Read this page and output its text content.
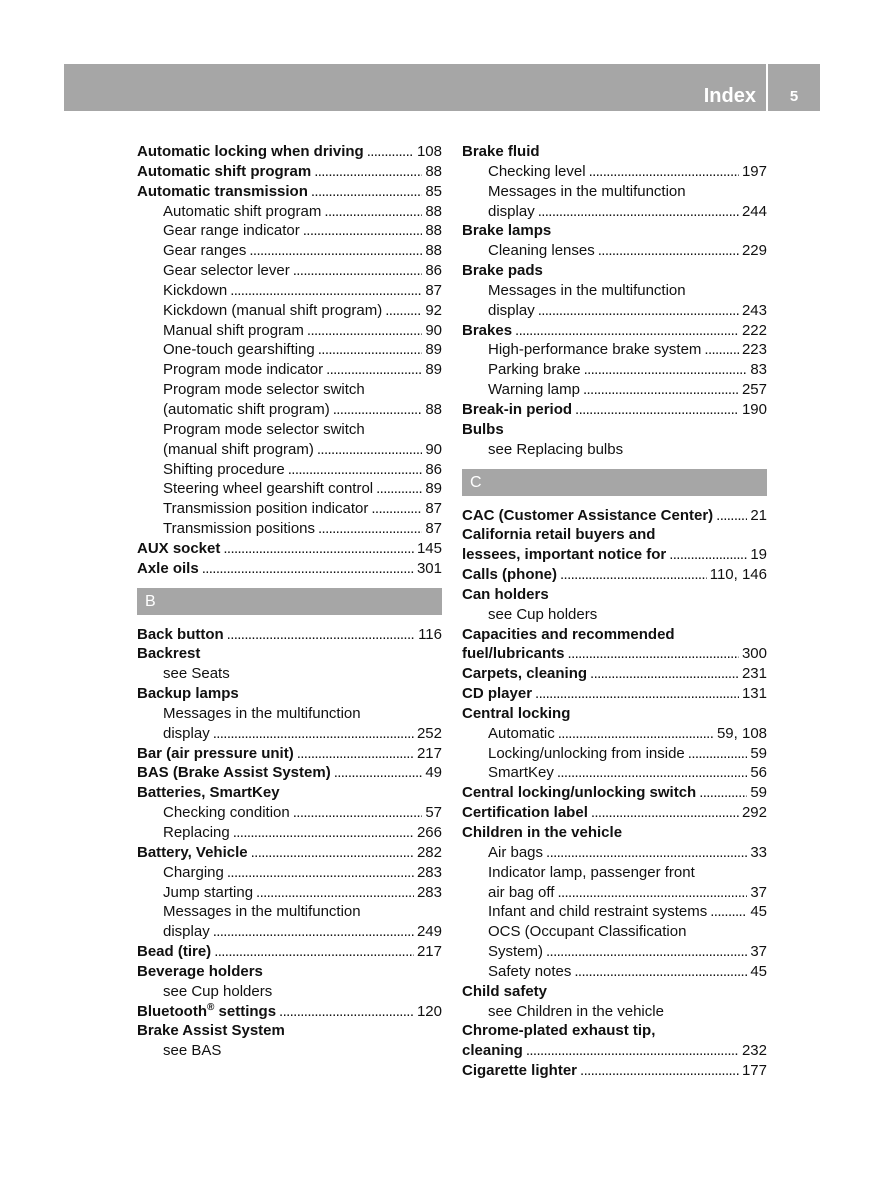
Index	5
Automatic locking when driving . . .	108
Automatic shift program . . .	88
Automatic transmission . . .	85
Automatic shift program . . .	88
Gear range indicator . . .	88
Gear ranges . . .	88
Gear selector lever . . .	86
Kickdown . . .	87
Kickdown (manual shift program) . . .	92
Manual shift program . . .	90
One-touch gearshifting . . .	89
Program mode indicator . . .	89
Program mode selector switch
(automatic shift program) . . .	88
Program mode selector switch
(manual shift program) . . .	90
Shifting procedure . . .	86
Steering wheel gearshift control . . .	89
Transmission position indicator . . .	87
Transmission positions . . .	87
AUX socket . . .	145
Axle oils . . .	301
B
Back button . . .	116
Backrest
see Seats
Backup lamps
Messages in the multifunction
display . . .	252
Bar (air pressure unit) . . .	217
BAS (Brake Assist System) . . .	49
Batteries, SmartKey
Checking condition . . .	57
Replacing . . .	266
Battery, Vehicle . . .	282
Charging . . .	283
Jump starting . . .	283
Messages in the multifunction
display . . .	249
Bead (tire) . . .	217
Beverage holders
see Cup holders
Bluetooth® settings . . .	120
Brake Assist System
see BAS
Brake fluid
Checking level . . .	197
Messages in the multifunction
display . . .	244
Brake lamps
Cleaning lenses . . .	229
Brake pads
Messages in the multifunction
display . . .	243
Brakes . . .	222
High-performance brake system . . .	223
Parking brake . . .	83
Warning lamp . . .	257
Break-in period . . .	190
Bulbs
see Replacing bulbs
C
CAC (Customer Assistance Center) . . . 21
California retail buyers and
lessees, important notice for . . .	19
Calls (phone) . . .	110, 146
Can holders
see Cup holders
Capacities and recommended
fuel/lubricants . . .	300
Carpets, cleaning . . .	231
CD player . . .	131
Central locking
Automatic . . .	59, 108
Locking/unlocking from inside . . .	59
SmartKey . . .	56
Central locking/unlocking switch . . .	59
Certification label . . .	292
Children in the vehicle
Air bags . . .	33
Indicator lamp, passenger front
air bag off . . .	37
Infant and child restraint systems . . .	45
OCS (Occupant Classification
System) . . .	37
Safety notes . . .	45
Child safety
see Children in the vehicle
Chrome-plated exhaust tip,
cleaning . . .	232
Cigarette lighter . . .	177
